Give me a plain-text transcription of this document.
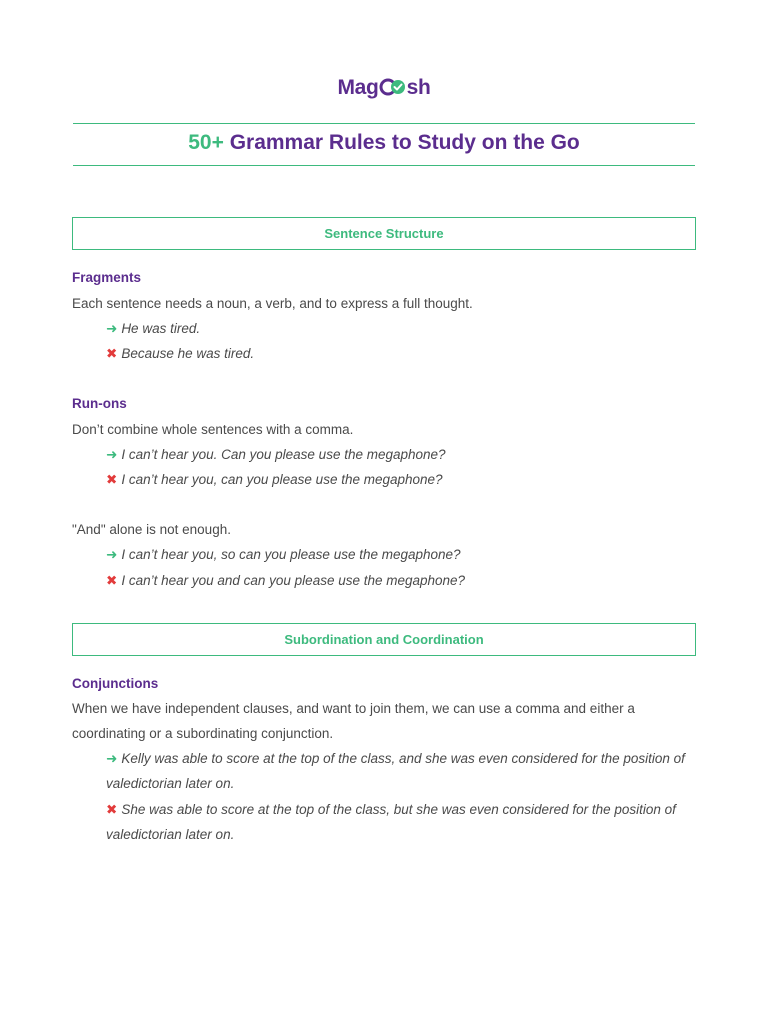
Mag sh
50+ Grammar Rules to Study on the Go
Sentence Structure
Fragments
Each sentence needs a noun, a verb, and to express a full thought.
➜ He was tired.
✖ Because he was tired.
Run-ons
Don’t combine whole sentences with a comma.
➜ I can’t hear you. Can you please use the megaphone?
✖ I can’t hear you, can you please use the megaphone?
"And" alone is not enough.
➜ I can’t hear you, so can you please use the megaphone?
✖ I can’t hear you and can you please use the megaphone?
Subordination and Coordination
Conjunctions
When we have independent clauses, and want to join them, we can use a comma and either a coordinating or a subordinating conjunction.
➜ Kelly was able to score at the top of the class, and she was even considered for the position of valedictorian later on.
✖ She was able to score at the top of the class, but she was even considered for the position of valedictorian later on.
